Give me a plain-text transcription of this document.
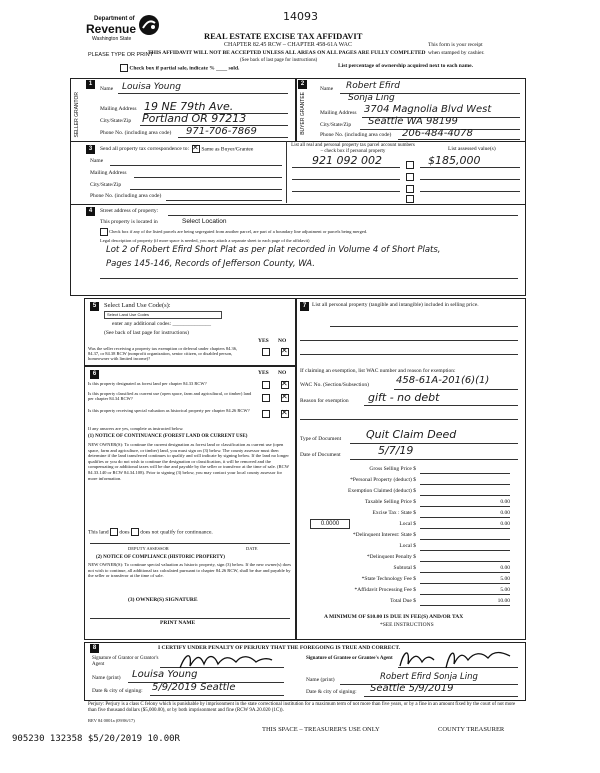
Department of
Revenue
Washington State
PLEASE TYPE OR PRINT
14093
REAL ESTATE EXCISE TAX AFFIDAVIT
CHAPTER 82.45 RCW – CHAPTER 458-61A WAC
THIS AFFIDAVIT WILL NOT BE ACCEPTED UNLESS ALL AREAS ON ALL PAGES ARE FULLY COMPLETED
(See back of last page for instructions)
This form is your receipt
when stamped by cashier.
Check box if partial sale, indicate % ____ sold.	List percentage of ownership acquired next to each name.
1	2
SELLER GRANTOR	BUYER GRANTEE
Name Louisa Young
Mailing Address 19 NE 79th Ave.
City/State/Zip Portland OR 97213
Phone No. (including area code) 971-706-7869
Name Robert Efird
Sonja Ling
Mailing Address 3704 Magnolia Blvd West
City/State/Zip Seattle WA 98199
Phone No. (including area code) 206-484-4078
3	Send all property tax correspondence to:
✕	Same as Buyer/Grantee
Name
Mailing Address
City/State/Zip
Phone No. (including area code)
List all real and personal property tax parcel account numbers – check box if personal property	List assessed value(s)
921 092 002	$185,000
4	Street address of property:
This property is located in	Select Location
Check box if any of the listed parcels are being segregated from another parcel, are part of a boundary line adjustment or parcels being merged.
Legal description of property (if more space is needed, you may attach a separate sheet to each page of the affidavit)
Lot 2 of Robert Efird Short Plat as per plat recorded in Volume 4 of Short Plats,
Pages 145-146, Records of Jefferson County, WA.
5	Select Land Use Code(s):
Select Land Use Codes
enter any additional codes: ______________
(See back of last page for instructions)
YES NO
Was the seller receiving a property tax exemption or deferral under chapters 84.36, 84.37, or 84.38 RCW (nonprofit organization, senior citizen, or disabled person, homeowner with limited income)?
✕
6	YES NO
Is this property designated as forest land per chapter 84.33 RCW?
✕
Is this property classified as current use (open space, farm and agricultural, or timber) land per chapter 84.34 RCW?
✕
Is this property receiving special valuation as historical property per chapter 84.26 RCW?
✕
If any answers are yes, complete as instructed below.
(1) NOTICE OF CONTINUANCE (FOREST LAND OR CURRENT USE)
NEW OWNER(S): To continue the current designation as forest land or classification as current use (open space, farm and agriculture, or timber) land, you must sign on (3) below. The county assessor must then determine if the land transferred continues to qualify and will indicate by signing below. If the land no longer qualifies or you do not wish to continue the designation or classification, it will be removed and the compensating or additional taxes will be due and payable by the seller or transferor at the time of sale. (RCW 84.33.140 or RCW 84.34.108). Prior to signing (3) below, you may contact your local county assessor for more information.
This land does does not qualify for continuance.
DEPUTY ASSESSOR	DATE
(2) NOTICE OF COMPLIANCE (HISTORIC PROPERTY)
NEW OWNER(S): To continue special valuation as historic property, sign (3) below. If the new owner(s) does not wish to continue, all additional tax calculated pursuant to chapter 84.26 RCW, shall be due and payable by the seller or transferor at the time of sale.
(3) OWNER(S) SIGNATURE
PRINT NAME
7	List all personal property (tangible and intangible) included in selling price.
If claiming an exemption, list WAC number and reason for exemption:
WAC No. (Section/Subsection)	458-61A-201(6)(1)
Reason for exemption gift - no debt
Type of Document Quit Claim Deed
Date of Document	5/7/19
Gross Selling Price $
*Personal Property (deduct) $
Exemption Claimed (deduct) $
Taxable Selling Price $	0.00
Excise Tax : State $	0.00
0.0000	Local $	0.00
*Delinquent Interest: State $
Local $
*Delinquent Penalty $
Subtotal $	0.00
*State Technology Fee $	5.00
*Affidavit Processing Fee $	5.00
Total Due $	10.00
A MINIMUM OF $10.00 IS DUE IN FEE(S) AND/OR TAX
*SEE INSTRUCTIONS
8	I CERTIFY UNDER PENALTY OF PERJURY THAT THE FOREGOING IS TRUE AND CORRECT.
Signature of Grantor or Grantor's Agent
Name (print) Louisa Young
Date & city of signing: 5/9/2019 Seattle
Signature of Grantee or Grantee's Agent
Name (print)	Robert Efird Sonja Ling
Date & city of signing: Seattle 5/9/2019
Perjury: Perjury is a class C felony which is punishable by imprisonment in the state correctional institution for a maximum term of not more than five years, or by a fine in an amount fixed by the court of not more than five thousand dollars ($5,000.00), or by both imprisonment and fine (RCW 9A.20.020 (1C)).
REV 84 0001a (09/06/17)
THIS SPACE – TREASURER'S USE ONLY	COUNTY TREASURER
905230 132358 $5/20/2019 10.00R
